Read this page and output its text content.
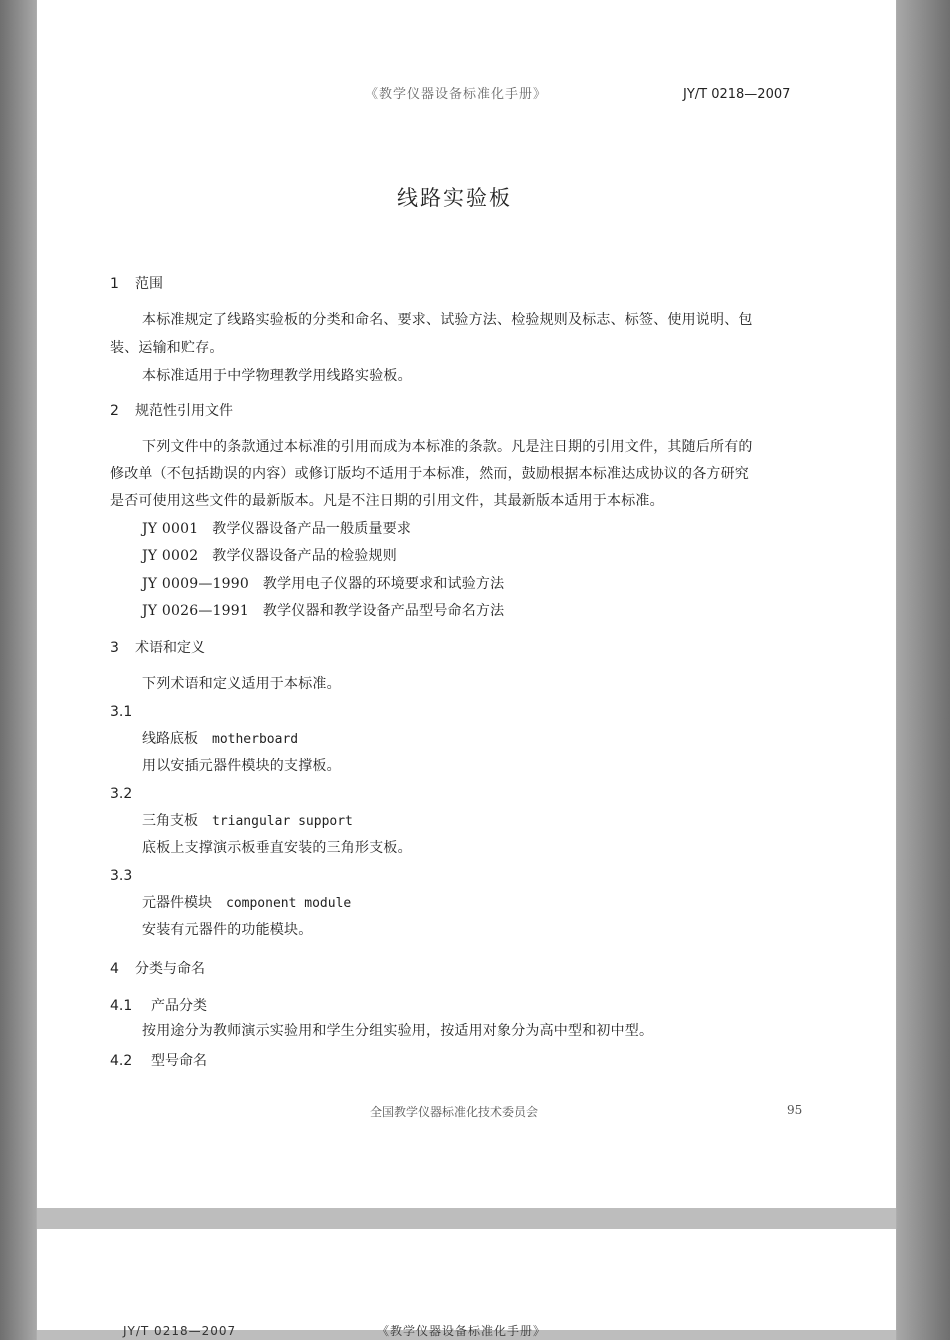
《教学仪器设备标准化手册》	JY/T 0218—2007
线路实验板
1 范围
本标准规定了线路实验板的分类和命名、要求、试验方法、检验规则及标志、标签、使用说明、包
装、运输和贮存。
本标准适用于中学物理教学用线路实验板。
2 规范性引用文件
下列文件中的条款通过本标准的引用而成为本标准的条款。凡是注日期的引用文件，其随后所有的
修改单（不包括勘误的内容）或修订版均不适用于本标准，然而，鼓励根据本标准达成协议的各方研究
是否可使用这些文件的最新版本。凡是不注日期的引用文件，其最新版本适用于本标准。
JY 0001 教学仪器设备产品一般质量要求
JY 0002 教学仪器设备产品的检验规则
JY 0009—1990 教学用电子仪器的环境要求和试验方法
JY 0026—1991 教学仪器和教学设备产品型号命名方法
3 术语和定义
下列术语和定义适用于本标准。
3.1
线路底板 motherboard
用以安插元器件模块的支撑板。
3.2
三角支板 triangular support
底板上支撑演示板垂直安装的三角形支板。
3.3
元器件模块 component module
安装有元器件的功能模块。
4 分类与命名
4.1 产品分类
按用途分为教师演示实验用和学生分组实验用，按适用对象分为高中型和初中型。
4.2 型号命名
全国教学仪器标准化技术委员会	95
JY/T 0218—2007	《教学仪器设备标准化手册》
